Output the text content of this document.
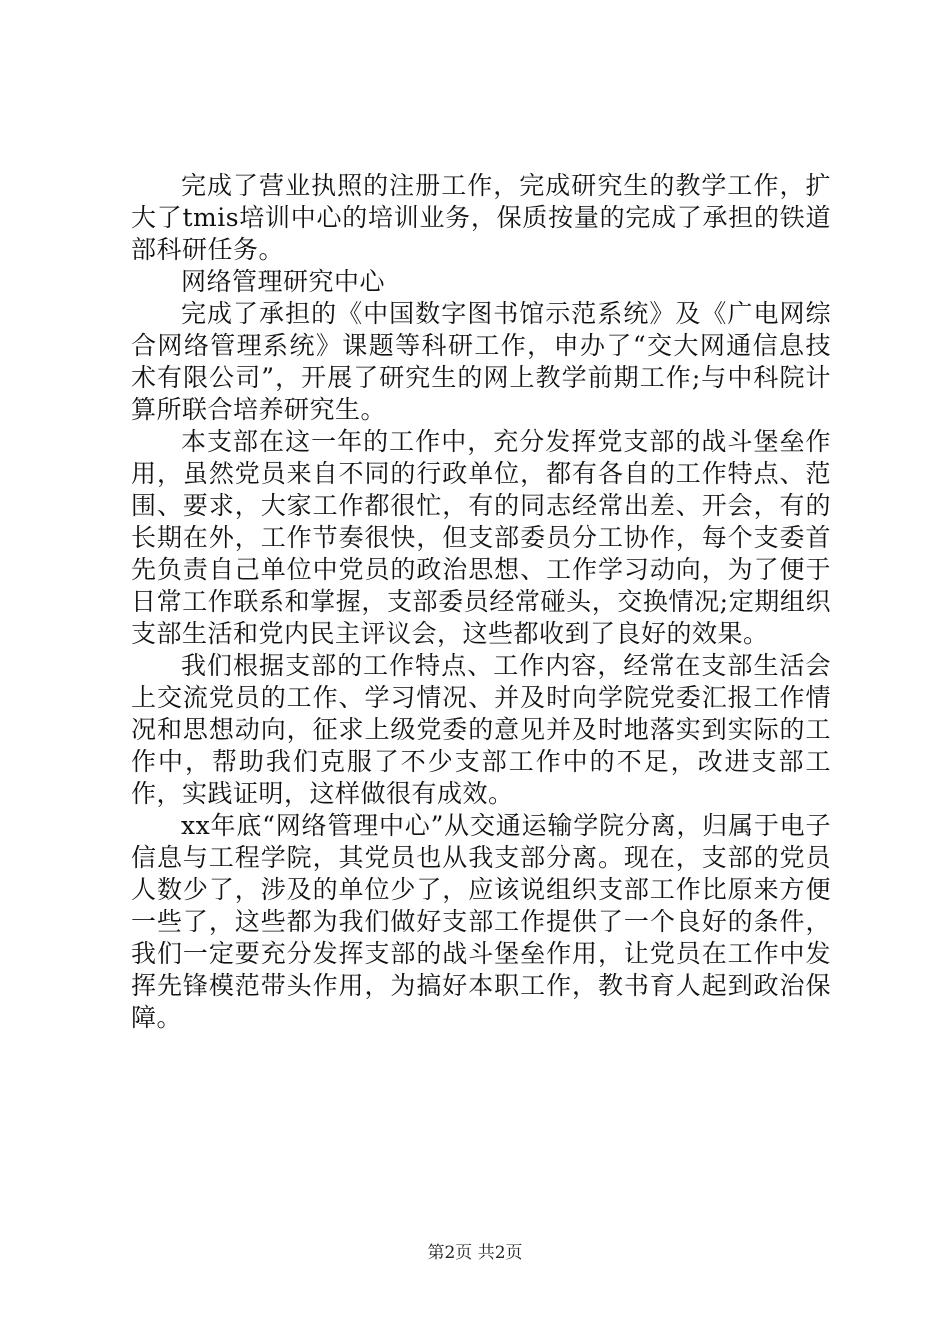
完成了营业执照的注册工作，完成研究生的教学工作，扩大了tmis培训中心的培训业务，保质按量的完成了承担的铁道部科研任务。

网络管理研究中心

完成了承担的《中国数字图书馆示范系统》及《广电网综合网络管理系统》课题等科研工作，申办了“交大网通信息技术有限公司”，开展了研究生的网上教学前期工作;与中科院计算所联合培养研究生。

本支部在这一年的工作中，充分发挥党支部的战斗堡垒作用，虽然党员来自不同的行政单位，都有各自的工作特点、范围、要求，大家工作都很忙，有的同志经常出差、开会，有的长期在外，工作节奏很快，但支部委员分工协作，每个支委首先负责自己单位中党员的政治思想、工作学习动向，为了便于日常工作联系和掌握，支部委员经常碰头，交换情况;定期组织支部生活和党内民主评议会，这些都收到了良好的效果。

我们根据支部的工作特点、工作内容，经常在支部生活会上交流党员的工作、学习情况、并及时向学院党委汇报工作情况和思想动向，征求上级党委的意见并及时地落实到实际的工作中，帮助我们克服了不少支部工作中的不足，改进支部工作，实践证明，这样做很有成效。

xx年底“网络管理中心”从交通运输学院分离，归属于电子信息与工程学院，其党员也从我支部分离。现在，支部的党员人数少了，涉及的单位少了，应该说组织支部工作比原来方便一些了，这些都为我们做好支部工作提供了一个良好的条件，我们一定要充分发挥支部的战斗堡垒作用，让党员在工作中发挥先锋模范带头作用，为搞好本职工作，教书育人起到政治保障。

第2页 共2页
